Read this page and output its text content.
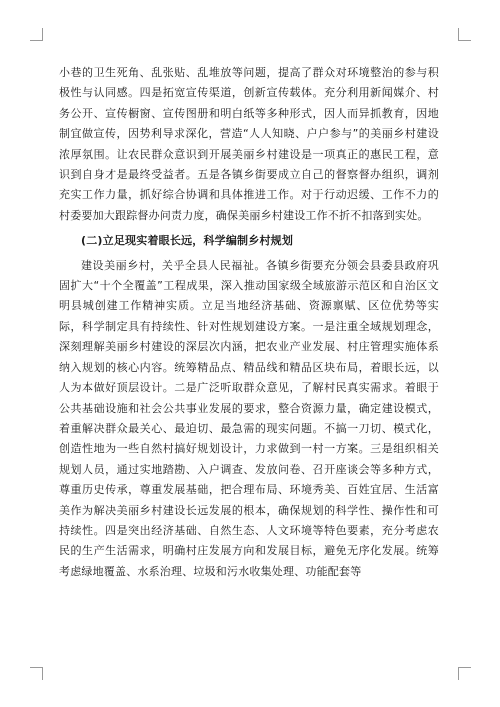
小巷的卫生死角、乱张贴、乱堆放等问题，提高了群众对环境整治的参与积极性与认同感。四是拓宽宣传渠道，创新宣传载体。充分利用新闻媒介、村务公开、宣传橱窗、宣传图册和明白纸等多种形式，因人而异抓教育，因地制宜做宣传，因势利导求深化，营造“人人知晓、户户参与”的美丽乡村建设浓厚氛围。让农民群众意识到开展美丽乡村建设是一项真正的惠民工程，意识到自身才是最终受益者。五是各镇乡街要成立自己的督察督办组织，调剂充实工作力量，抓好综合协调和具体推进工作。对于行动迟缓、工作不力的村委要加大跟踪督办问责力度，确保美丽乡村建设工作不折不扣落到实处。

(二)立足现实着眼长远，科学编制乡村规划

建设美丽乡村，关乎全县人民福祉。各镇乡街要充分领会县委县政府巩固扩大“十个全覆盖”工程成果，深入推动国家级全域旅游示范区和自治区文明县城创建工作精神实质。立足当地经济基础、资源禀赋、区位优势等实际，科学制定具有持续性、针对性规划建设方案。一是注重全域规划理念，深刻理解美丽乡村建设的深层次内涵，把农业产业发展、村庄管理实施体系纳入规划的核心内容。统筹精品点、精品线和精品区块布局，着眼长远，以人为本做好顶层设计。二是广泛听取群众意见，了解村民真实需求。着眼于公共基础设施和社会公共事业发展的要求，整合资源力量，确定建设模式，着重解决群众最关心、最迫切、最急需的现实问题。不搞一刀切、模式化，创造性地为一些自然村搞好规划设计，力求做到一村一方案。三是组织相关规划人员，通过实地踏勘、入户调查、发放问卷、召开座谈会等多种方式，尊重历史传承，尊重发展基础，把合理布局、环境秀美、百姓宜居、生活富美作为解决美丽乡村建设长远发展的根本，确保规划的科学性、操作性和可持续性。四是突出经济基础、自然生态、人文环境等特色要素，充分考虑农民的生产生活需求，明确村庄发展方向和发展目标，避免无序化发展。统筹考虑绿地覆盖、水系治理、垃圾和污水收集处理、功能配套等
